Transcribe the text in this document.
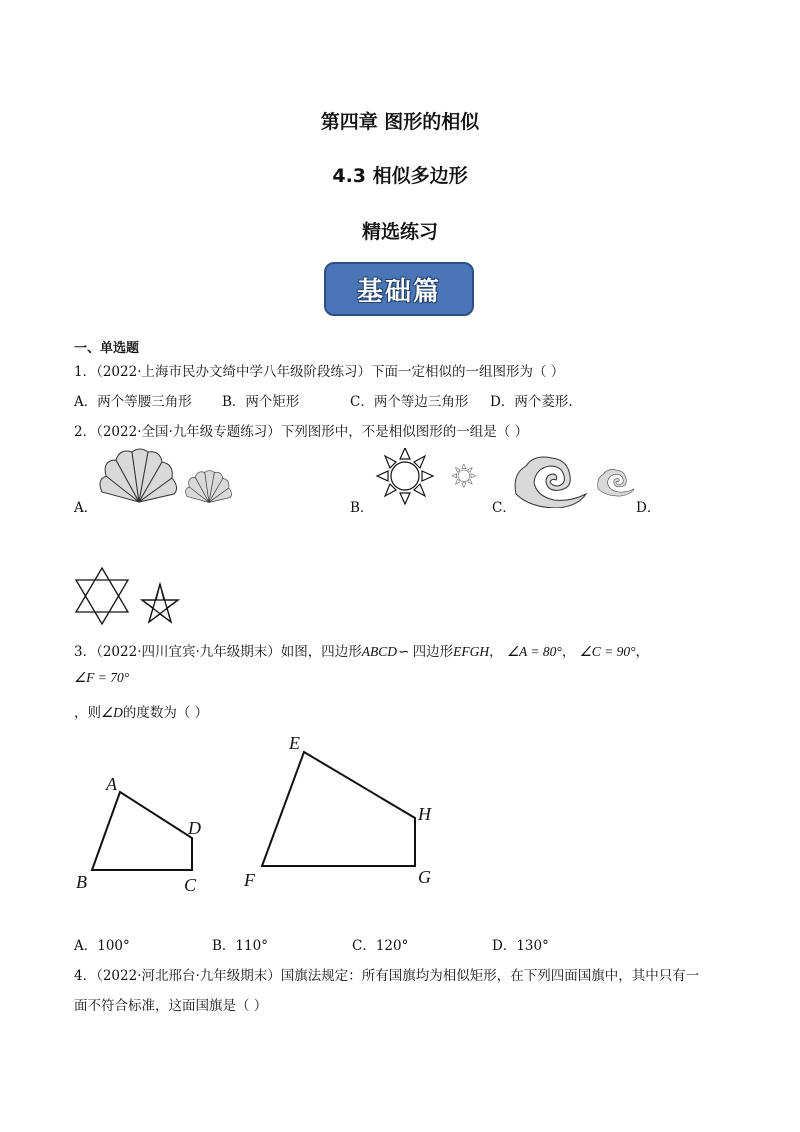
第四章 图形的相似
4.3 相似多边形
精选练习
基础篇
一、单选题
1．（2022·上海市民办文绮中学八年级阶段练习）下面一定相似的一组图形为（ ）
A．两个等腰三角形 B．两个矩形	C．两个等边三角形 D．两个菱形.
2．（2022·全国·九年级专题练习）下列图形中，不是相似图形的一组是（ ）
A．	B．	C．	D．
3．（2022·四川宜宾·九年级期末）如图，四边形ABCD∽ 四边形EFGH， ∠A = 80°， ∠C = 90°，
∠F = 70°
，则∠D的度数为（ ）
A
B	C
D
E
F	G
H
A．100°	B．110°	C．120°	D．130°
4．（2022·河北邢台·九年级期末）国旗法规定：所有国旗均为相似矩形，在下列四面国旗中，其中只有一
面不符合标准，这面国旗是（ ）
